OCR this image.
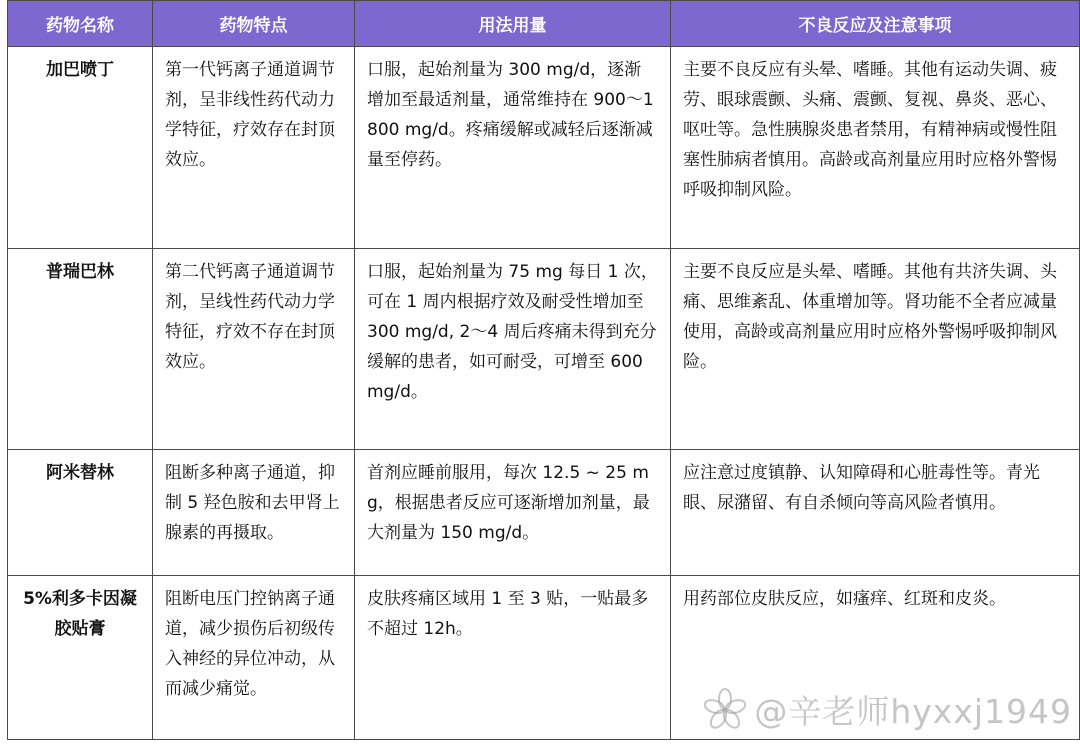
药物名称	药物特点	用法用量	不良反应及注意事项
加巴喷丁	第一代钙离子通道调节剂，呈非线性药代动力学特征，疗效存在封顶效应。	口服，起始剂量为 300 mg/d，逐渐增加至最适剂量，通常维持在 900～1800 mg/d。疼痛缓解或减轻后逐渐减量至停药。	主要不良反应有头晕、嗜睡。其他有运动失调、疲劳、眼球震颤、头痛、震颤、复视、鼻炎、恶心、呕吐等。急性胰腺炎患者禁用，有精神病或慢性阻塞性肺病者慎用。高龄或高剂量应用时应格外警惕呼吸抑制风险。
普瑞巴林	第二代钙离子通道调节剂，呈线性药代动力学特征，疗效不存在封顶效应。	口服，起始剂量为 75 mg 每日 1 次，可在 1 周内根据疗效及耐受性增加至 300 mg/d, 2～4 周后疼痛未得到充分缓解的患者，如可耐受，可增至 600 mg/d。	主要不良反应是头晕、嗜睡。其他有共济失调、头痛、思维紊乱、体重增加等。肾功能不全者应减量使用，高龄或高剂量应用时应格外警惕呼吸抑制风险。
阿米替林	阻断多种离子通道，抑制 5 羟色胺和去甲肾上腺素的再摄取。	首剂应睡前服用，每次 12.5 ~ 25 mg，根据患者反应可逐渐增加剂量，最大剂量为 150 mg/d。	应注意过度镇静、认知障碍和心脏毒性等。青光眼、尿潴留、有自杀倾向等高风险者慎用。
5%利多卡因凝胶贴膏	阻断电压门控钠离子通道，减少损伤后初级传入神经的异位冲动，从而减少痛觉。	皮肤疼痛区域用 1 至 3 贴，一贴最多不超过 12h。	用药部位皮肤反应，如瘙痒、红斑和皮炎。
@辛老师hyxxj1949
